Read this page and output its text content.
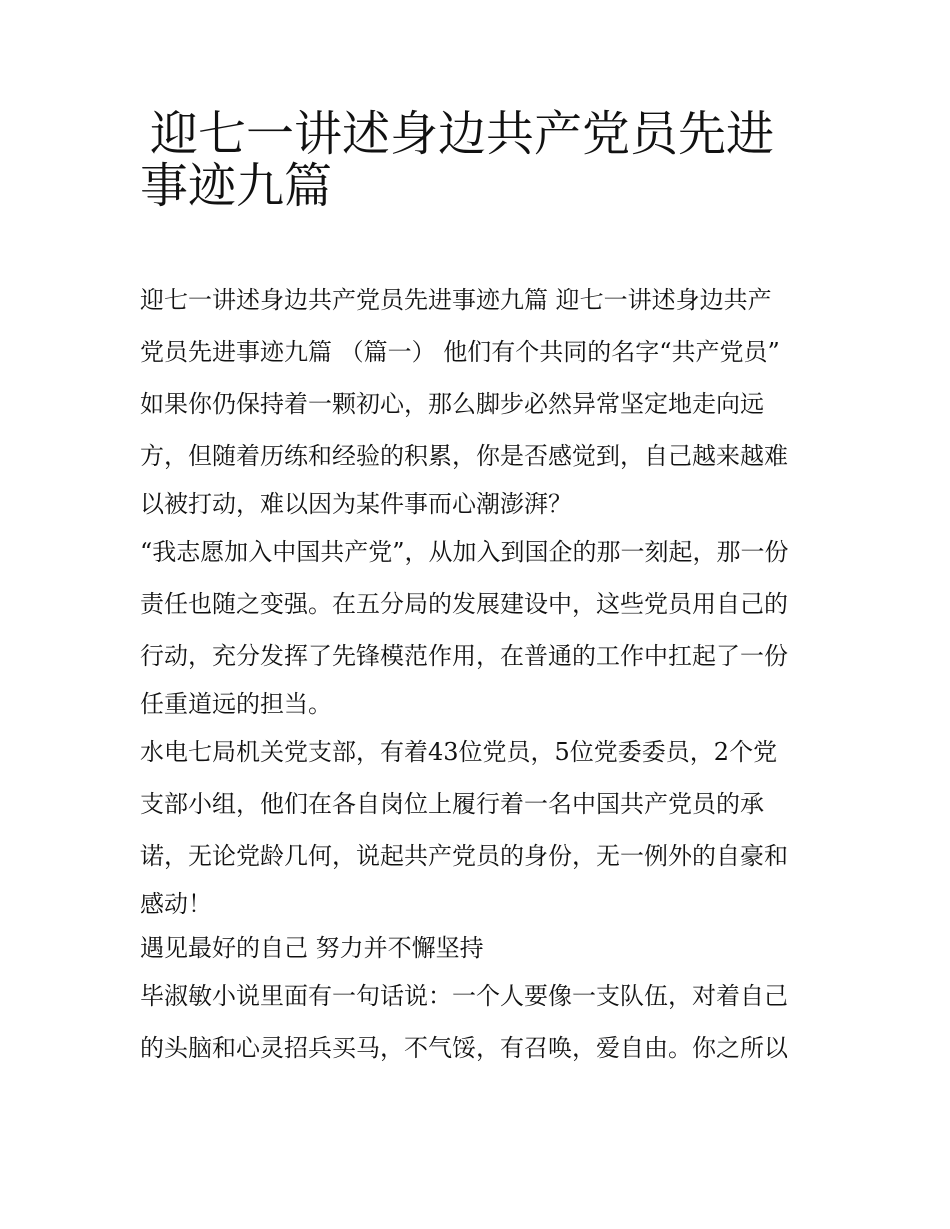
迎七一讲述身边共产党员先进
事迹九篇
迎七一讲述身边共产党员先进事迹九篇 迎七一讲述身边共产
党员先进事迹九篇 （篇一） 他们有个共同的名字“共产党员”
如果你仍保持着一颗初心，那么脚步必然异常坚定地走向远
方，但随着历练和经验的积累，你是否感觉到，自己越来越难
以被打动，难以因为某件事而心潮澎湃？
“我志愿加入中国共产党”，从加入到国企的那一刻起，那一份
责任也随之变强。在五分局的发展建设中，这些党员用自己的
行动，充分发挥了先锋模范作用，在普通的工作中扛起了一份
任重道远的担当。
水电七局机关党支部，有着43位党员，5位党委委员，2个党
支部小组，他们在各自岗位上履行着一名中国共产党员的承
诺，无论党龄几何，说起共产党员的身份，无一例外的自豪和
感动！
遇见最好的自己 努力并不懈坚持
毕淑敏小说里面有一句话说：一个人要像一支队伍，对着自己
的头脑和心灵招兵买马，不气馁，有召唤，爱自由。你之所以
